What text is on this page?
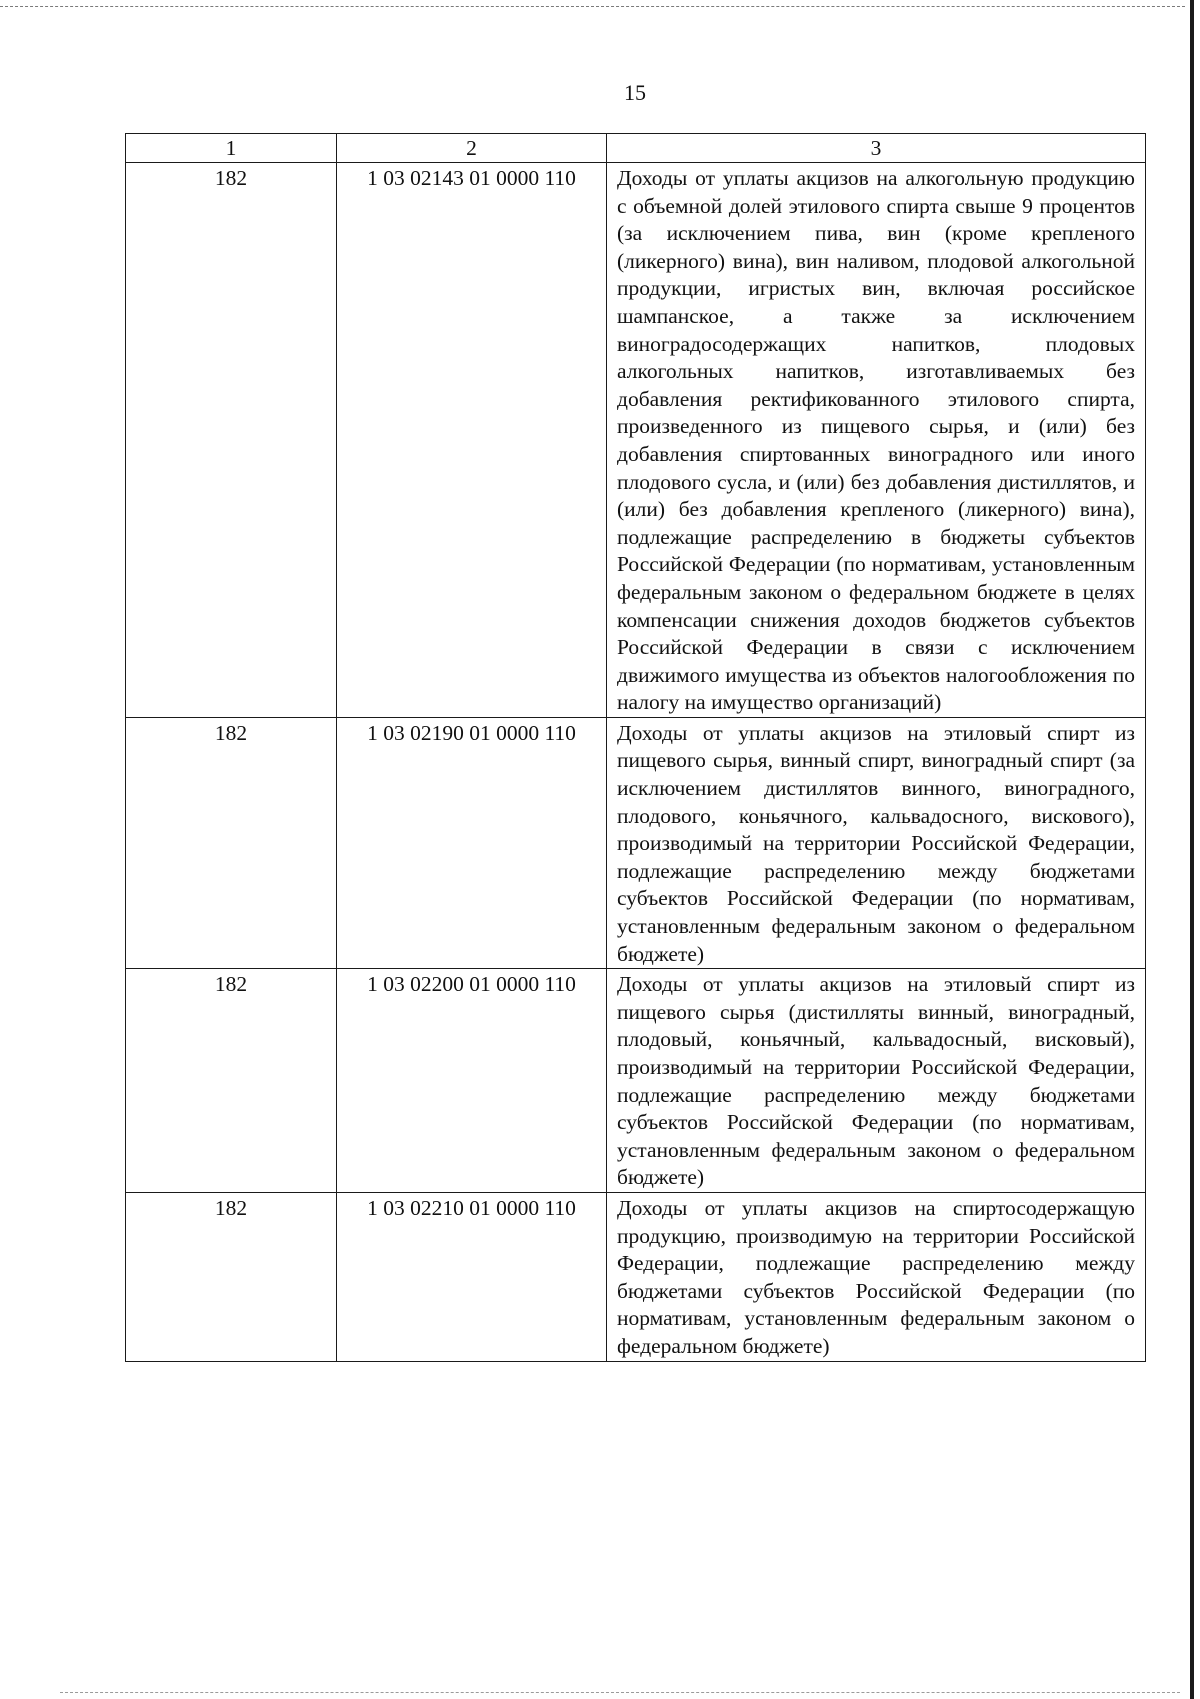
15
1	2	3
182	1 03 02143 01 0000 110	Доходы от уплаты акцизов на алкогольную продукцию с объемной долей этилового спирта свыше 9 процентов (за исключением пива, вин (кроме крепленого (ликерного) вина), вин наливом, плодовой алкогольной продукции, игристых вин, включая российское шампанское, а также за исключением виноградосодержащих напитков, плодовых алкогольных напитков, изготавливаемых без добавления ректификованного этилового спирта, произведенного из пищевого сырья, и (или) без добавления спиртованных виноградного или иного плодового сусла, и (или) без добавления дистиллятов, и (или) без добавления крепленого (ликерного) вина), подлежащие распределению в бюджеты субъектов Российской Федерации (по нормативам, установленным федеральным законом о федеральном бюджете в целях компенсации снижения доходов бюджетов субъектов Российской Федерации в связи с исключением движимого имущества из объектов налогообложения по налогу на имущество организаций)
182	1 03 02190 01 0000 110	Доходы от уплаты акцизов на этиловый спирт из пищевого сырья, винный спирт, виноградный спирт (за исключением дистиллятов винного, виноградного, плодового, коньячного, кальвадосного, вискового), производимый на территории Российской Федерации, подлежащие распределению между бюджетами субъектов Российской Федерации (по нормативам, установленным федеральным законом о федеральном бюджете)
182	1 03 02200 01 0000 110	Доходы от уплаты акцизов на этиловый спирт из пищевого сырья (дистилляты винный, виноградный, плодовый, коньячный, кальвадосный, висковый), производимый на территории Российской Федерации, подлежащие распределению между бюджетами субъектов Российской Федерации (по нормативам, установленным федеральным законом о федеральном бюджете)
182	1 03 02210 01 0000 110	Доходы от уплаты акцизов на спиртосодержащую продукцию, производимую на территории Российской Федерации, подлежащие распределению между бюджетами субъектов Российской Федерации (по нормативам, установленным федеральным законом о федеральном бюджете)
